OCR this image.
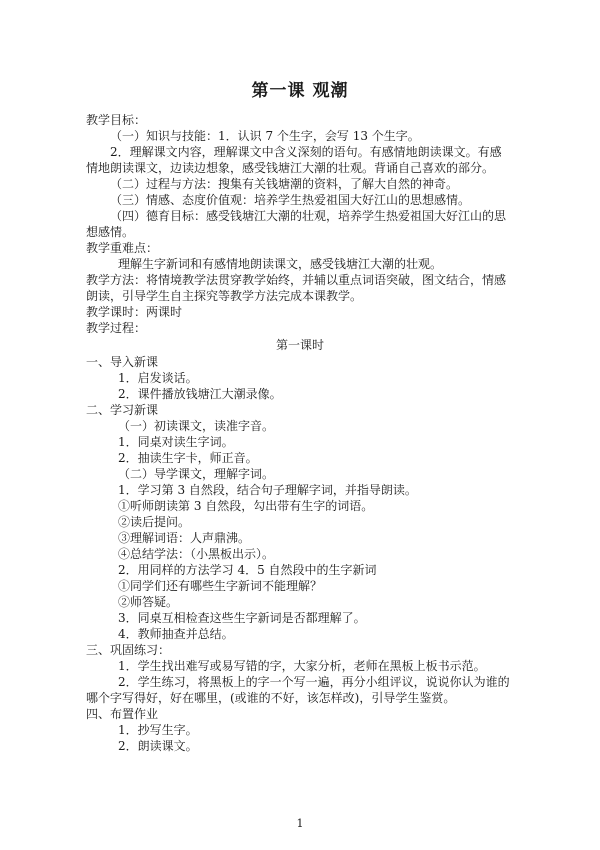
第一课 观潮
教学目标：
（一）知识与技能：1．认识 7 个生字，会写 13 个生字。
2．理解课文内容，理解课文中含义深刻的语句。有感情地朗读课文。有感
情地朗读课文，边读边想象，感受钱塘江大潮的壮观。背诵自己喜欢的部分。
（二）过程与方法：搜集有关钱塘潮的资料，了解大自然的神奇。
（三）情感、态度价值观：培养学生热爱祖国大好江山的思想感情。
（四）德育目标：感受钱塘江大潮的壮观，培养学生热爱祖国大好江山的思
想感情。
教学重难点：
理解生字新词和有感情地朗读课文，感受钱塘江大潮的壮观。
教学方法：将情境教学法贯穿教学始终，并辅以重点词语突破，图文结合，情感
朗读，引导学生自主探究等教学方法完成本课教学。
教学课时：两课时
教学过程：
第一课时
一、导入新课
1．启发谈话。
2．课件播放钱塘江大潮录像。
二、学习新课
（一）初读课文，读准字音。
1．同桌对读生字词。
2．抽读生字卡，师正音。
（二）导学课文，理解字词。
1．学习第 3 自然段，结合句子理解字词，并指导朗读。
①听师朗读第 3 自然段，勾出带有生字的词语。
②读后提问。
③理解词语：人声鼎沸。
④总结学法：（小黑板出示）。
2．用同样的方法学习 4．5 自然段中的生字新词
①同学们还有哪些生字新词不能理解？
②师答疑。
3．同桌互相检查这些生字新词是否都理解了。
4．教师抽查并总结。
三、巩固练习：
1．学生找出难写或易写错的字，大家分析，老师在黑板上板书示范。
2．学生练习，将黑板上的字一个写一遍，再分小组评议，说说你认为谁的
哪个字写得好，好在哪里，(或谁的不好，该怎样改)，引导学生鉴赏。
四、布置作业
1．抄写生字。
2．朗读课文。
1
